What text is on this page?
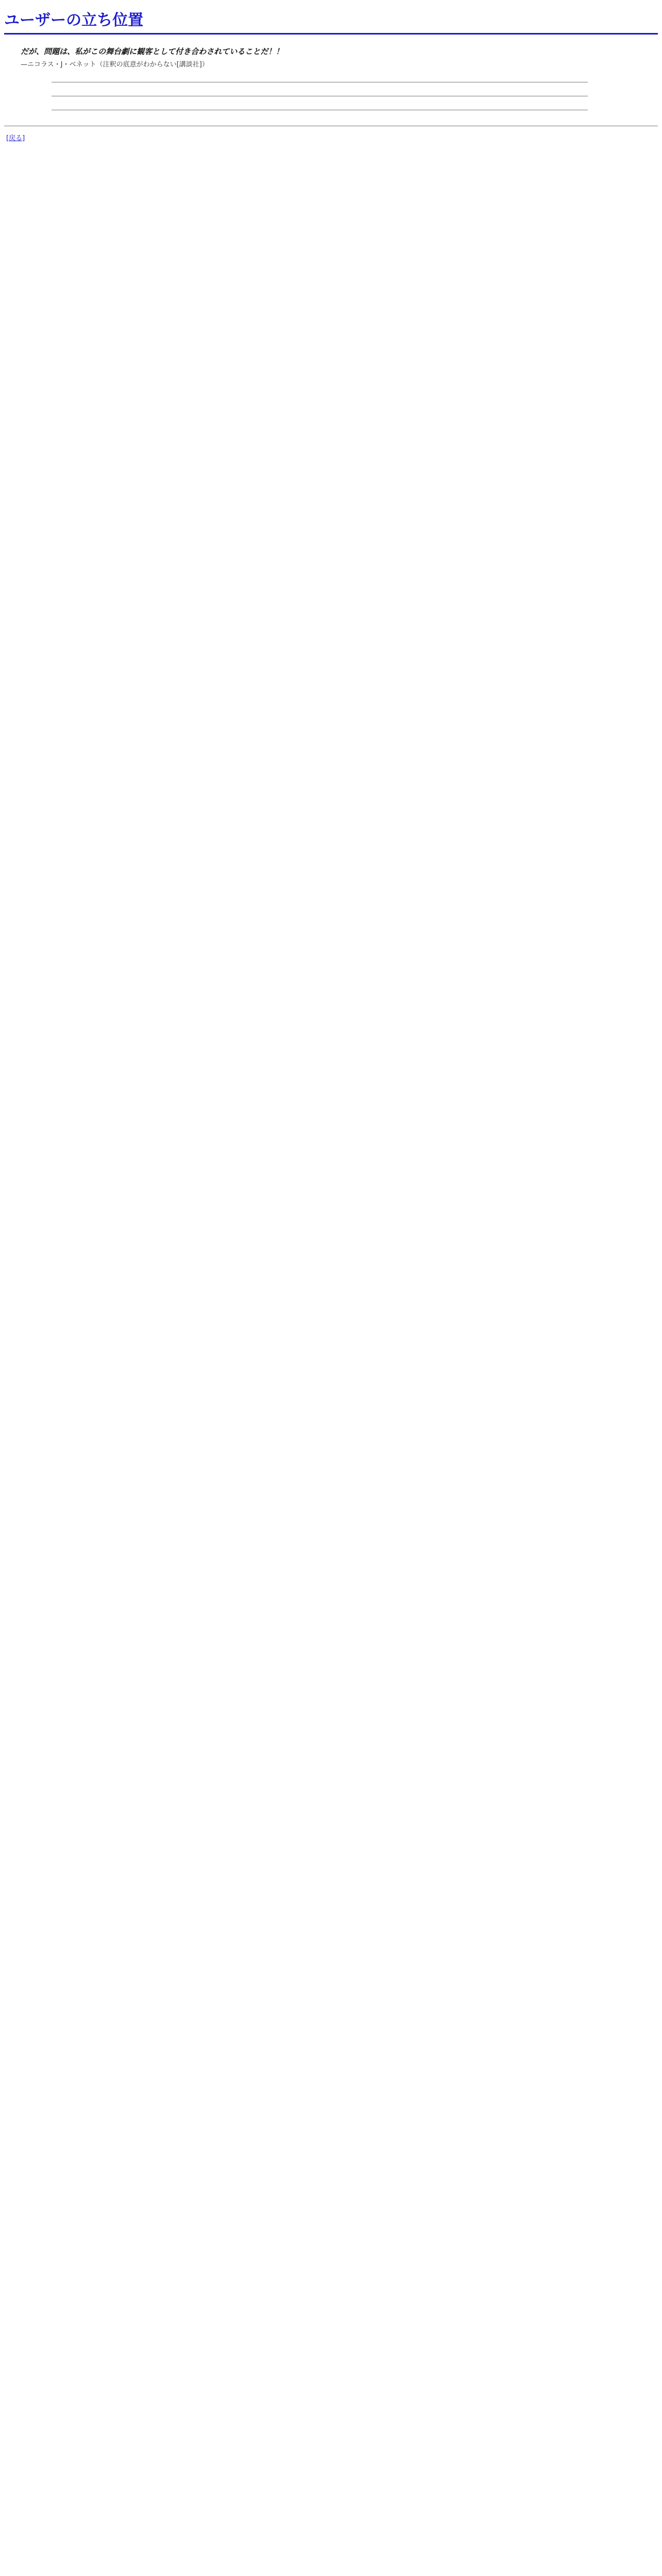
ユーザーの立ち位置
だが、問題は、私がこの舞台劇に観客として付き合わされていることだ！！
—ニコラス・J・ベネット（注釈の底意がわからない[講談社]）

[戻る]
